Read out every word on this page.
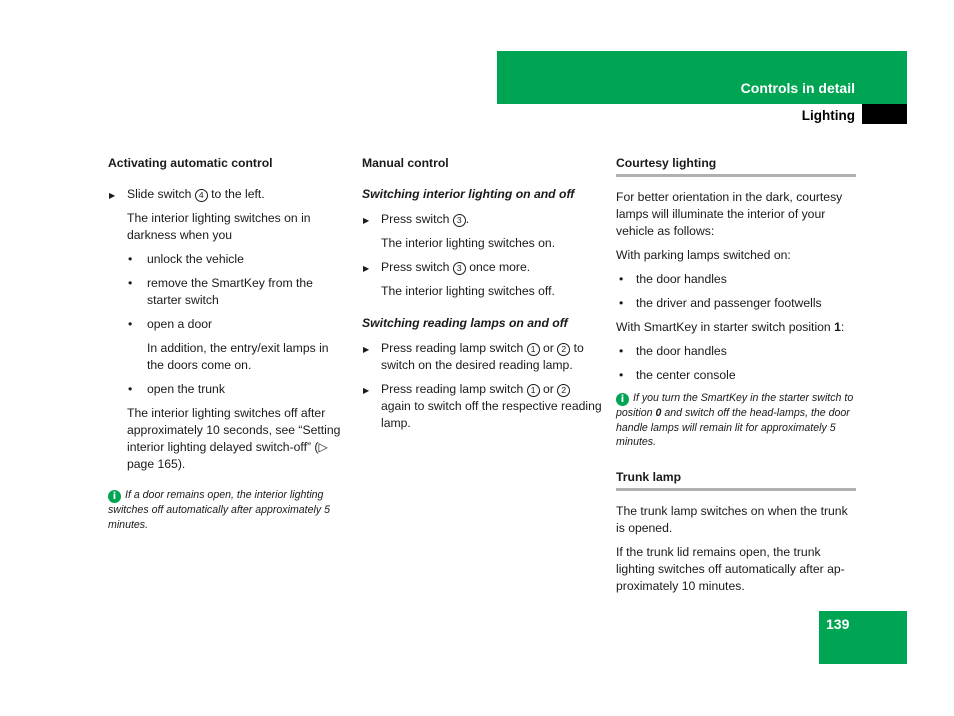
Controls in detail
Lighting
Activating automatic control
▶ Slide switch 4 to the left.

The interior lighting switches on in darkness when you

• unlock the vehicle
• remove the SmartKey from the starter switch
• open a door

In addition, the entry/exit lamps in the doors come on.

• open the trunk

The interior lighting switches off after approximately 10 seconds, see “Setting interior lighting delayed switch-off” (▷ page 165).

i If a door remains open, the interior lighting switches off automatically after approximately 5 minutes.
Manual control
Switching interior lighting on and off
▶ Press switch 3 .

The interior lighting switches on.

▶ Press switch 3 once more.

The interior lighting switches off.

Switching reading lamps on and off
▶ Press reading lamp switch 1 or 2 to switch on the desired reading lamp.
▶ Press reading lamp switch 1 or 2 again to switch off the respective reading lamp.
Courtesy lighting

For better orientation in the dark, courtesy lamps will illuminate the interior of your vehicle as follows:

With parking lamps switched on:

• the door handles
• the driver and passenger footwells

With SmartKey in starter switch position 1:

• the door handles
• the center console
i If you turn the SmartKey in the starter switch to position 0 and switch off the head-lamps, the door handle lamps will remain lit for approximately 5 minutes.
Trunk lamp

The trunk lamp switches on when the trunk is opened.

If the trunk lid remains open, the trunk lighting switches off automatically after ap-proximately 10 minutes.

139
